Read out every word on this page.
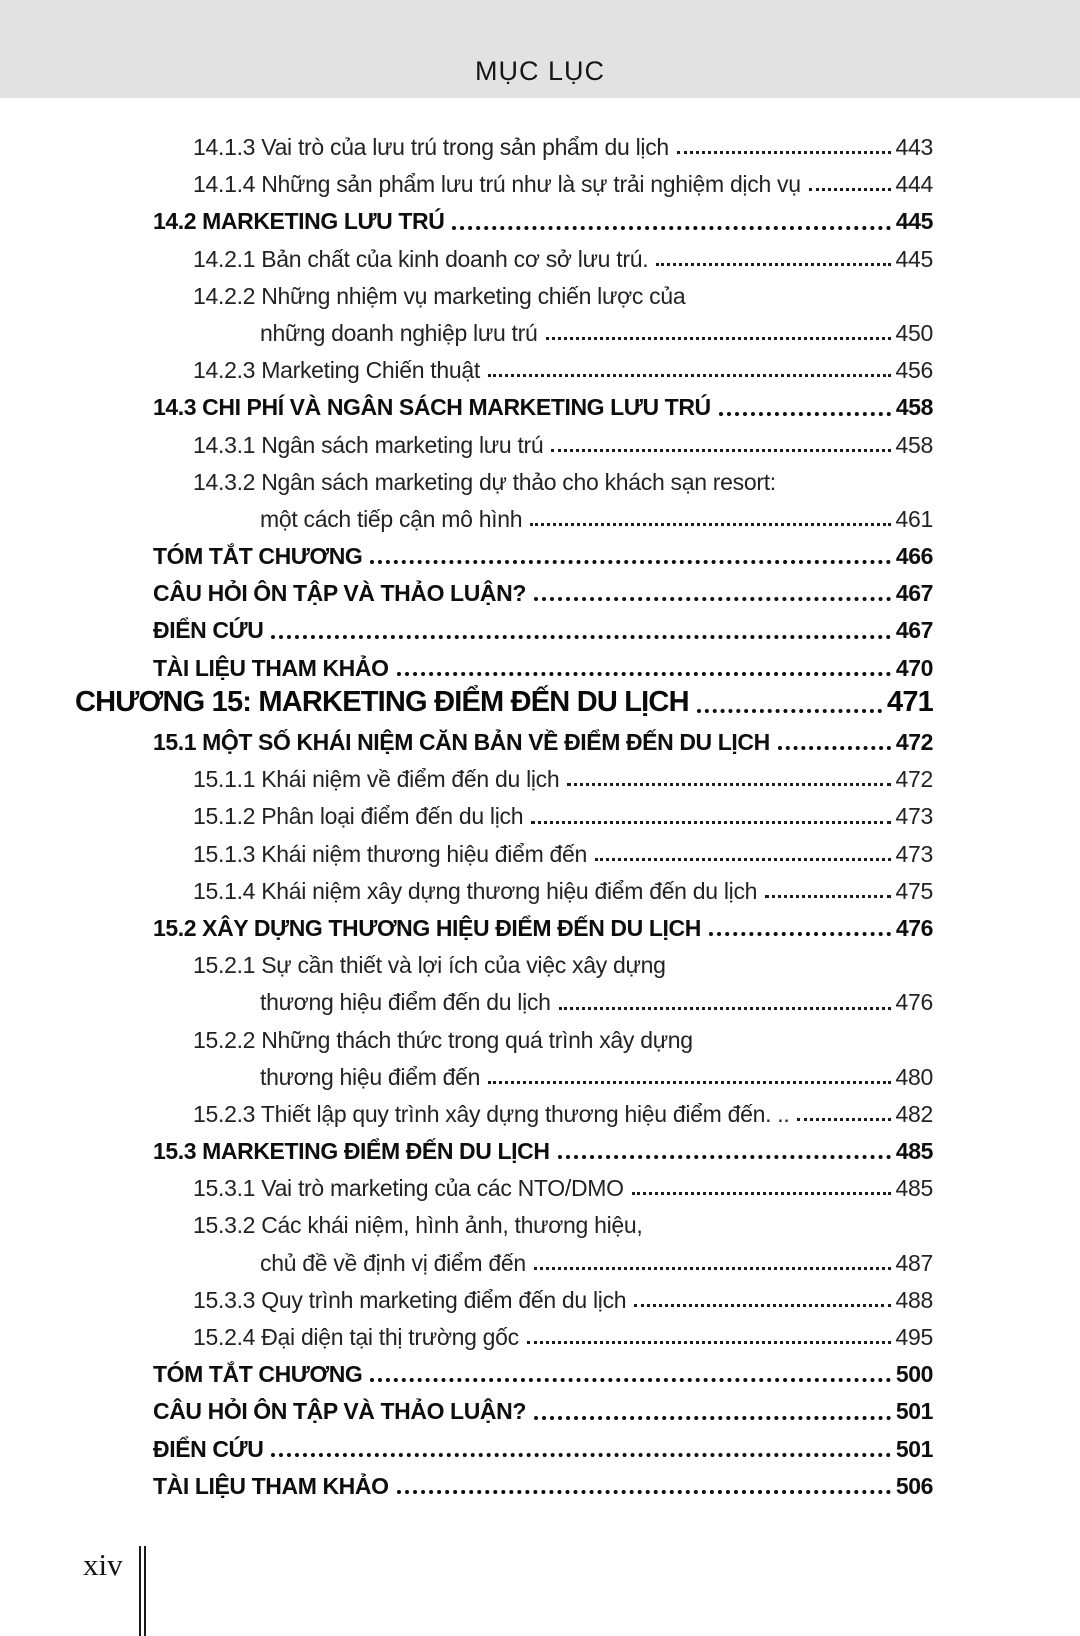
MỤC LỤC
14.1.3 Vai trò của lưu trú trong sản phẩm du lịch	443
14.1.4 Những sản phẩm lưu trú như là sự trải nghiệm dịch vụ	444
14.2 MARKETING LƯU TRÚ	445
14.2.1 Bản chất của kinh doanh cơ sở lưu trú.	445
14.2.2 Những nhiệm vụ marketing chiến lược của
những doanh nghiệp lưu trú	450
14.2.3 Marketing Chiến thuật	456
14.3 CHI PHÍ VÀ NGÂN SÁCH MARKETING LƯU TRÚ	458
14.3.1 Ngân sách marketing lưu trú	458
14.3.2 Ngân sách marketing dự thảo cho khách sạn resort:
một cách tiếp cận mô hình	461
TÓM TẮT CHƯƠNG	466
CÂU HỎI ÔN TẬP VÀ THẢO LUẬN?	467
ĐIỂN CỨU	467
TÀI LIỆU THAM KHẢO	470
CHƯƠNG 15: MARKETING ĐIỂM ĐẾN DU LỊCH	471
15.1 MỘT SỐ KHÁI NIỆM CĂN BẢN VỀ ĐIỂM ĐẾN DU LỊCH	472
15.1.1 Khái niệm về điểm đến du lịch	472
15.1.2 Phân loại điểm đến du lịch	473
15.1.3 Khái niệm thương hiệu điểm đến	473
15.1.4 Khái niệm xây dựng thương hiệu điểm đến du lịch	475
15.2 XÂY DỰNG THƯƠNG HIỆU ĐIỂM ĐẾN DU LỊCH	476
15.2.1 Sự cần thiết và lợi ích của việc xây dựng
thương hiệu điểm đến du lịch	476
15.2.2 Những thách thức trong quá trình xây dựng
thương hiệu điểm đến	480
15.2.3 Thiết lập quy trình xây dựng thương hiệu điểm đến. ..	482
15.3 MARKETING ĐIỂM ĐẾN DU LỊCH	485
15.3.1 Vai trò marketing của các NTO/DMO	485
15.3.2 Các khái niệm, hình ảnh, thương hiệu,
chủ đề về định vị điểm đến	487
15.3.3 Quy trình marketing điểm đến du lịch	488
15.2.4 Đại diện tại thị trường gốc	495
TÓM TẮT CHƯƠNG	500
CÂU HỎI ÔN TẬP VÀ THẢO LUẬN?	501
ĐIỂN CỨU	501
TÀI LIỆU THAM KHẢO	506
xiv
